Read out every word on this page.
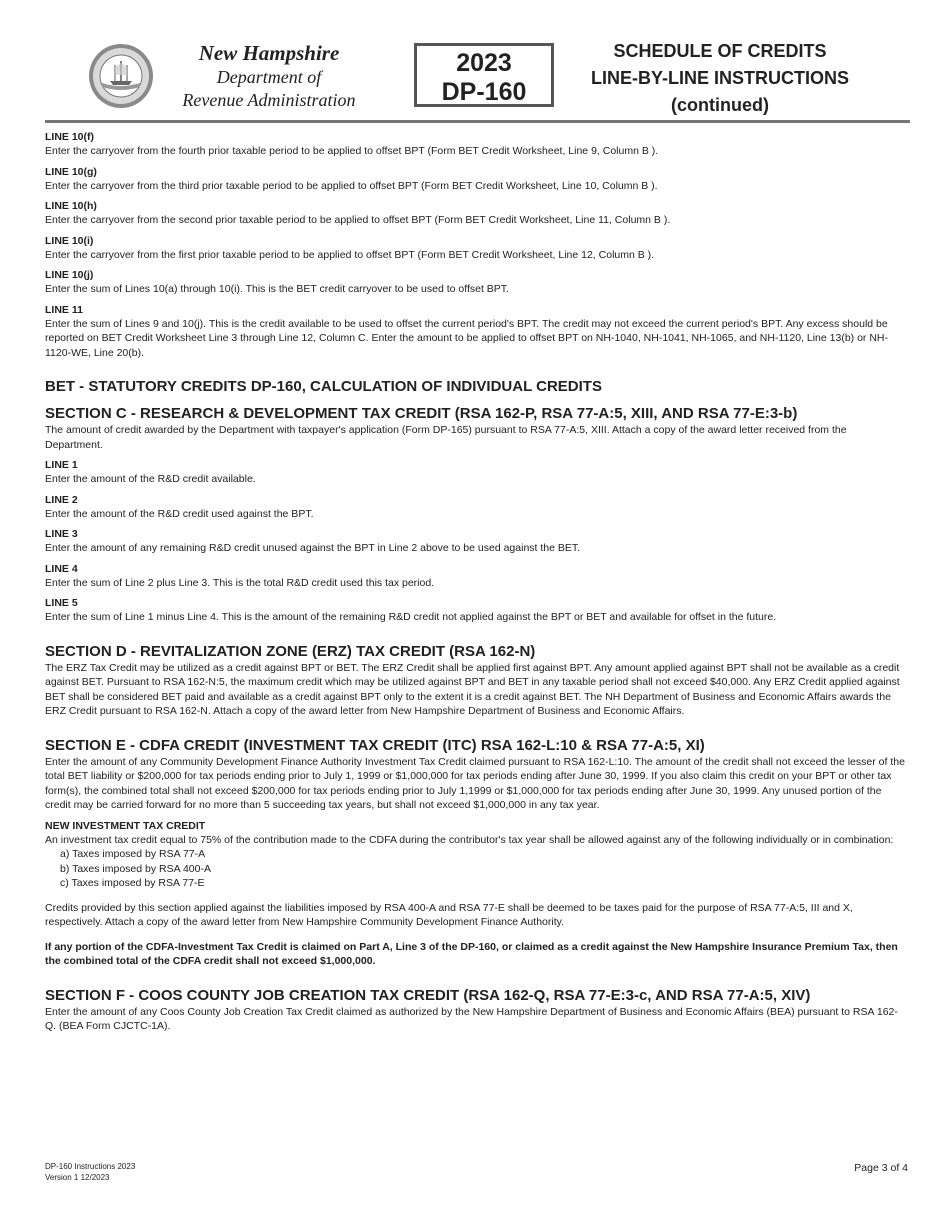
New Hampshire
Department of
Revenue Administration
2023
DP-160
SCHEDULE OF CREDITS
LINE-BY-LINE INSTRUCTIONS
(continued)
LINE 10(f)
Enter the carryover from the fourth prior taxable period to be applied to offset BPT (Form BET Credit Worksheet, Line 9, Column B ).
LINE 10(g)
Enter the carryover from the third prior taxable period to be applied to offset BPT (Form BET Credit Worksheet, Line 10, Column B ).
LINE 10(h)
Enter the carryover from the second prior taxable period to be applied to offset BPT (Form BET Credit Worksheet, Line 11, Column B ).
LINE 10(i)
Enter the carryover from the first prior taxable period to be applied to offset BPT (Form BET Credit Worksheet, Line 12, Column B ).
LINE 10(j)
Enter the sum of Lines 10(a) through 10(i). This is the BET credit carryover to be used to offset BPT.
LINE 11
Enter the sum of Lines 9 and 10(j). This is the credit available to be used to offset the current period's BPT. The credit may not exceed the current period's BPT. Any excess should be reported on BET Credit Worksheet Line 3 through Line 12, Column C. Enter the amount to be applied to offset BPT on NH-1040, NH-1041, NH-1065, and NH-1120, Line 13(b) or NH-1120-WE, Line 20(b).
BET - STATUTORY CREDITS DP-160, CALCULATION OF INDIVIDUAL CREDITS
SECTION C - RESEARCH & DEVELOPMENT TAX CREDIT (RSA 162-P, RSA 77-A:5, XIII, AND RSA 77-E:3-b)
The amount of credit awarded by the Department with taxpayer's application (Form DP-165) pursuant to RSA 77-A:5, XIII. Attach a copy of the award letter received from the Department.
LINE 1
Enter the amount of the R&D credit available.
LINE 2
Enter the amount of the R&D credit used against the BPT.
LINE 3
Enter the amount of any remaining R&D credit unused against the BPT in Line 2 above to be used against the BET.
LINE 4
Enter the sum of Line 2 plus Line 3. This is the total R&D credit used this tax period.
LINE 5
Enter the sum of Line 1 minus Line 4. This is the amount of the remaining R&D credit not applied against the BPT or BET and available for offset in the future.
SECTION D - REVITALIZATION ZONE (ERZ) TAX CREDIT (RSA 162-N)
The ERZ Tax Credit may be utilized as a credit against BPT or BET. The ERZ Credit shall be applied first against BPT. Any amount applied against BPT shall not be available as a credit against BET. Pursuant to RSA 162-N:5, the maximum credit which may be utilized against BPT and BET in any taxable period shall not exceed $40,000. Any ERZ Credit applied against BET shall be considered BET paid and available as a credit against BPT only to the extent it is a credit against BET. The NH Department of Business and Economic Affairs awards the ERZ Credit pursuant to RSA 162-N. Attach a copy of the award letter from New Hampshire Department of Business and Economic Affairs.
SECTION E - CDFA CREDIT (INVESTMENT TAX CREDIT (ITC) RSA 162-L:10 & RSA 77-A:5, XI)
Enter the amount of any Community Development Finance Authority Investment Tax Credit claimed pursuant to RSA 162-L:10. The amount of the credit shall not exceed the lesser of the total BET liability or $200,000 for tax periods ending prior to July 1, 1999 or $1,000,000 for tax periods ending after June 30, 1999. If you also claim this credit on your BPT or other tax form(s), the combined total shall not exceed $200,000 for tax periods ending prior to July 1,1999 or $1,000,000 for tax periods ending after June 30, 1999. Any unused portion of the credit may be carried forward for no more than 5 succeeding tax years, but shall not exceed $1,000,000 in any tax year.
NEW INVESTMENT TAX CREDIT
An investment tax credit equal to 75% of the contribution made to the CDFA during the contributor's tax year shall be allowed against any of the following individually or in combination:
a) Taxes imposed by RSA 77-A
b) Taxes imposed by RSA 400-A
c) Taxes imposed by RSA 77-E
Credits provided by this section applied against the liabilities imposed by RSA 400-A and RSA 77-E shall be deemed to be taxes paid for the purpose of RSA 77-A:5, III and X, respectively. Attach a copy of the award letter from New Hampshire Community Development Finance Authority.
If any portion of the CDFA-Investment Tax Credit is claimed on Part A, Line 3 of the DP-160, or claimed as a credit against the New Hampshire Insurance Premium Tax, then the combined total of the CDFA credit shall not exceed $1,000,000.
SECTION F - COOS COUNTY JOB CREATION TAX CREDIT (RSA 162-Q, RSA 77-E:3-c, AND RSA 77-A:5, XIV)
Enter the amount of any Coos County Job Creation Tax Credit claimed as authorized by the New Hampshire Department of Business and Economic Affairs (BEA) pursuant to RSA 162-Q. (BEA Form CJCTC-1A).
DP-160 Instructions 2023
Version 1 12/2023
Page 3 of 4
